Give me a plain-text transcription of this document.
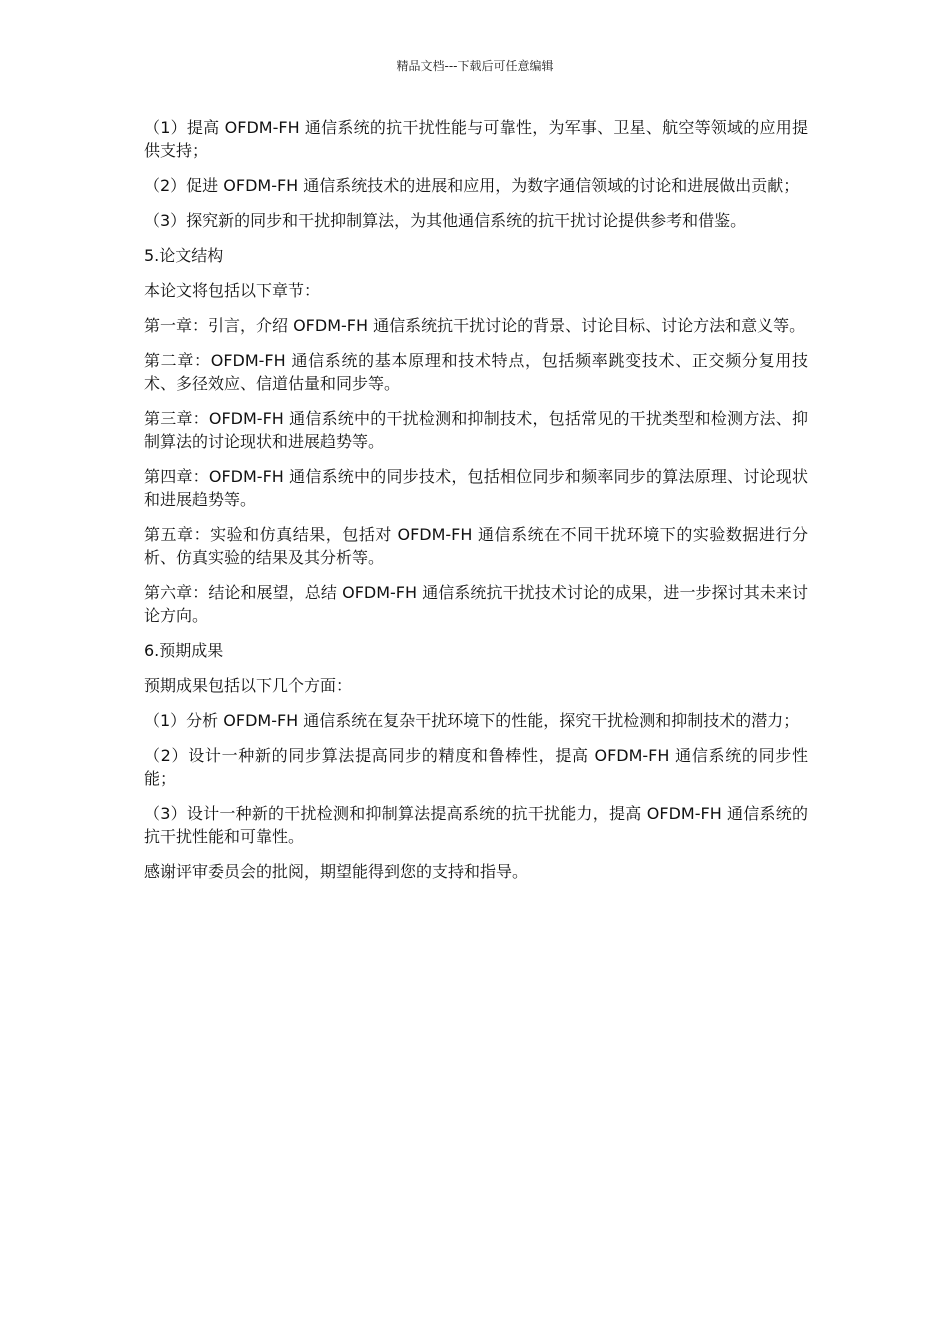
精品文档---下载后可任意编辑

（1）提高 OFDM-FH 通信系统的抗干扰性能与可靠性，为军事、卫星、航空等领域的应用提供支持；

（2）促进 OFDM-FH 通信系统技术的进展和应用，为数字通信领域的讨论和进展做出贡献；

（3）探究新的同步和干扰抑制算法，为其他通信系统的抗干扰讨论提供参考和借鉴。

5.论文结构

本论文将包括以下章节：

第一章：引言，介绍 OFDM-FH 通信系统抗干扰讨论的背景、讨论目标、讨论方法和意义等。

第二章：OFDM-FH 通信系统的基本原理和技术特点，包括频率跳变技术、正交频分复用技术、多径效应、信道估量和同步等。

第三章：OFDM-FH 通信系统中的干扰检测和抑制技术，包括常见的干扰类型和检测方法、抑制算法的讨论现状和进展趋势等。

第四章：OFDM-FH 通信系统中的同步技术，包括相位同步和频率同步的算法原理、讨论现状和进展趋势等。

第五章：实验和仿真结果，包括对 OFDM-FH 通信系统在不同干扰环境下的实验数据进行分析、仿真实验的结果及其分析等。

第六章：结论和展望，总结 OFDM-FH 通信系统抗干扰技术讨论的成果，进一步探讨其未来讨论方向。

6.预期成果

预期成果包括以下几个方面：

（1）分析 OFDM-FH 通信系统在复杂干扰环境下的性能，探究干扰检测和抑制技术的潜力；

（2）设计一种新的同步算法提高同步的精度和鲁棒性，提高 OFDM-FH 通信系统的同步性能；

（3）设计一种新的干扰检测和抑制算法提高系统的抗干扰能力，提高 OFDM-FH 通信系统的抗干扰性能和可靠性。

感谢评审委员会的批阅，期望能得到您的支持和指导。
